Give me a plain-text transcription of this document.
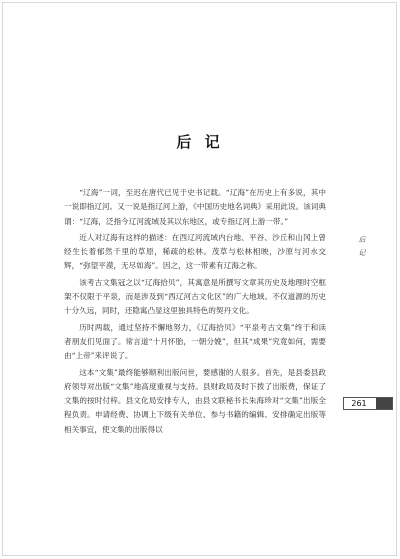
后 记

“辽海”一词，至迟在唐代已见于史书记载。“辽海”在历史上有多说，其中一说即指辽河。又一说是指辽河上游，《中国历史地名词典》采用此说。该词典谓：“辽海，泛指今辽河流域及其以东地区，或专指辽河上游一带。”

近人对辽海有这样的描述：在西辽河流域内台地、平谷、沙丘和山冈上曾经生长着郁然千里的草原，稀疏的松林。茂草与松林相映，沙原与河水交辉，“弥望平漠，无尽如海”。因之，这一带素有辽海之称。

该考古文集冠之以“辽海拾贝”，其寓意是所撰写文章其历史及地理时空框架不仅限于平泉，而是涉及到“西辽河古文化区”的广大地域。不仅道源的历史十分久远，同时，还隐寓凸显这里独具特色的契丹文化。

历时两载，通过坚持不懈地努力，《辽海拾贝》“平泉考古文集”终于和读者朋友们见面了。常言道“十月怀胎，一朝分娩”，但其“成果”究竟如何，需要由“上帝”来评说了。

这本“文集”最终能够顺利出版问世，要感谢的人很多。首先，是县委县政府领导对出版“文集”地高度重视与支持。县财政局及时下拨了出版费，保证了文集的按时付梓。县文化局安排专人，由县文联秘书长朱海珍对“文集”出版全程负责。申请经费、协调上下级有关单位、参与书籍的编辑、安排确定出版等相关事宜，使文集的出版得以

后记
261
